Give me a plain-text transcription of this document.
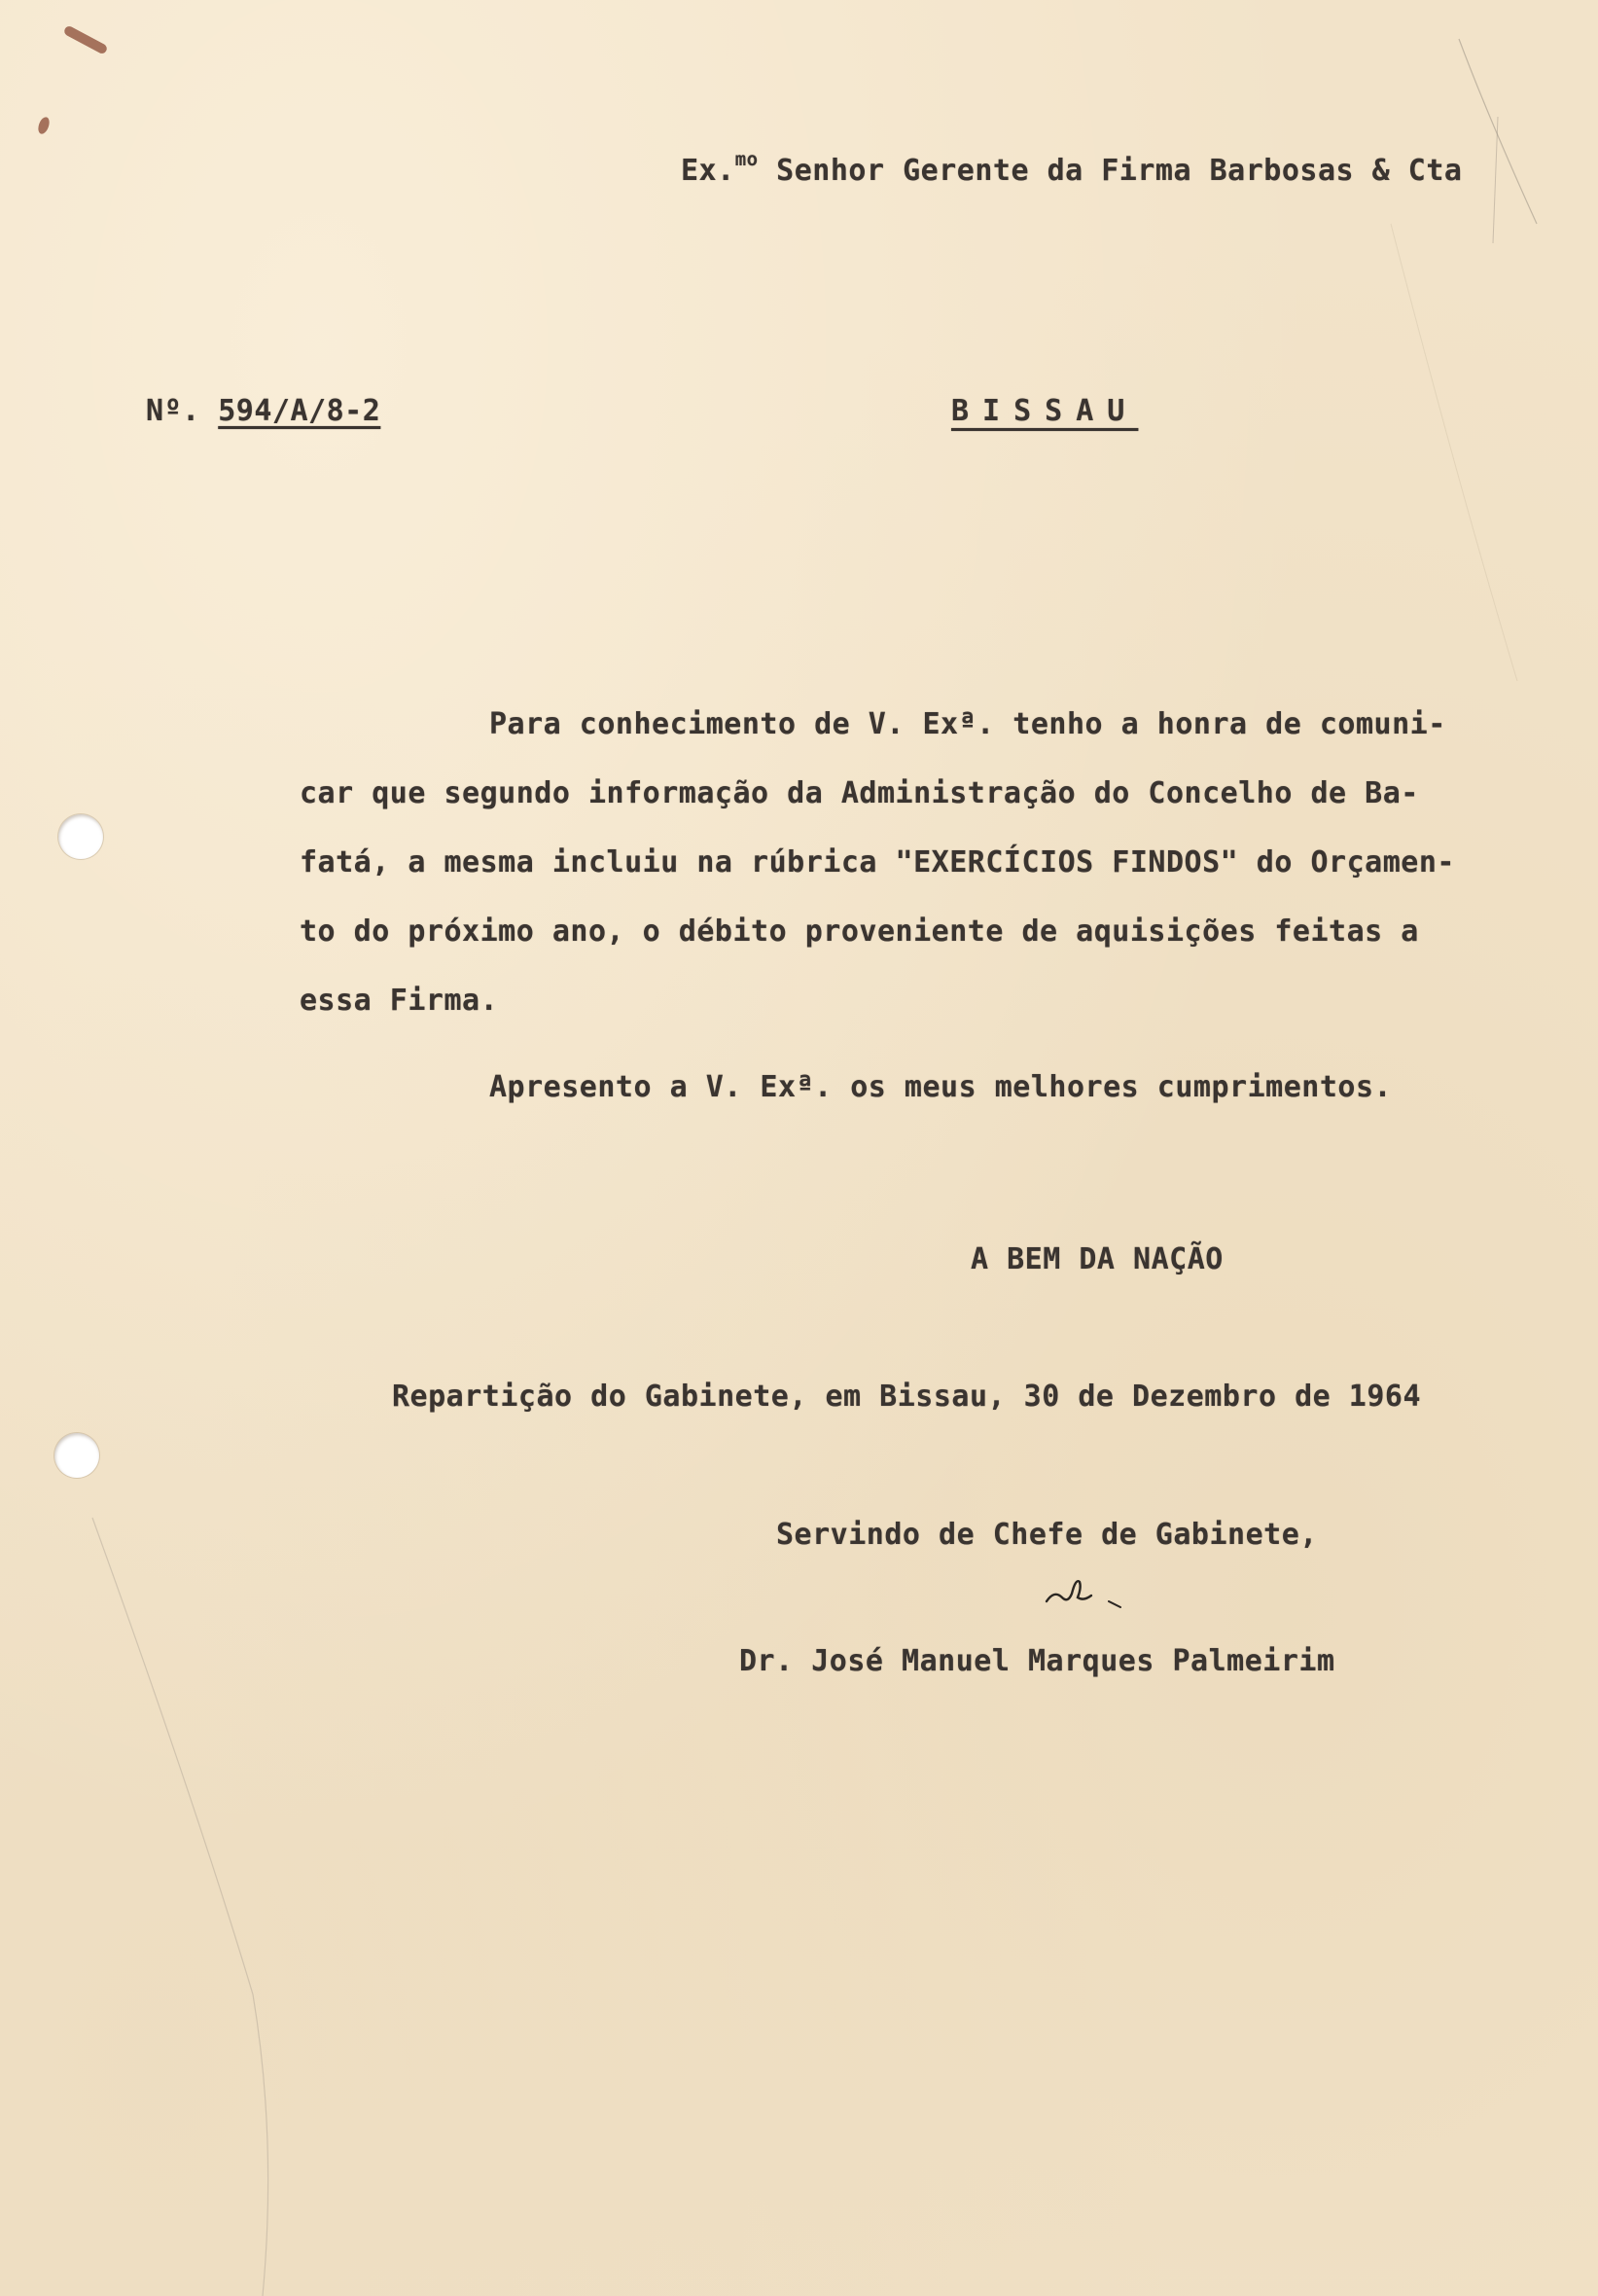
Ex.$^{mo}$ Senhor Gerente da Firma Barbosas & Cta
Nº. 594/A/8-2	BISSAU
Para conhecimento de V. Exª. tenho a honra de comuni-
car que segundo informação da Administração do Concelho de Ba-
fatá, a mesma incluiu na rúbrica "EXERCÍCIOS FINDOS" do Orçamen-
to do próximo ano, o débito proveniente de aquisições feitas a
essa Firma.
Apresento a V. Exª. os meus melhores cumprimentos.
A BEM DA NAÇÃO
Repartição do Gabinete, em Bissau, 30 de Dezembro de 1964
Servindo de Chefe de Gabinete,
Dr. José Manuel Marques Palmeirim
